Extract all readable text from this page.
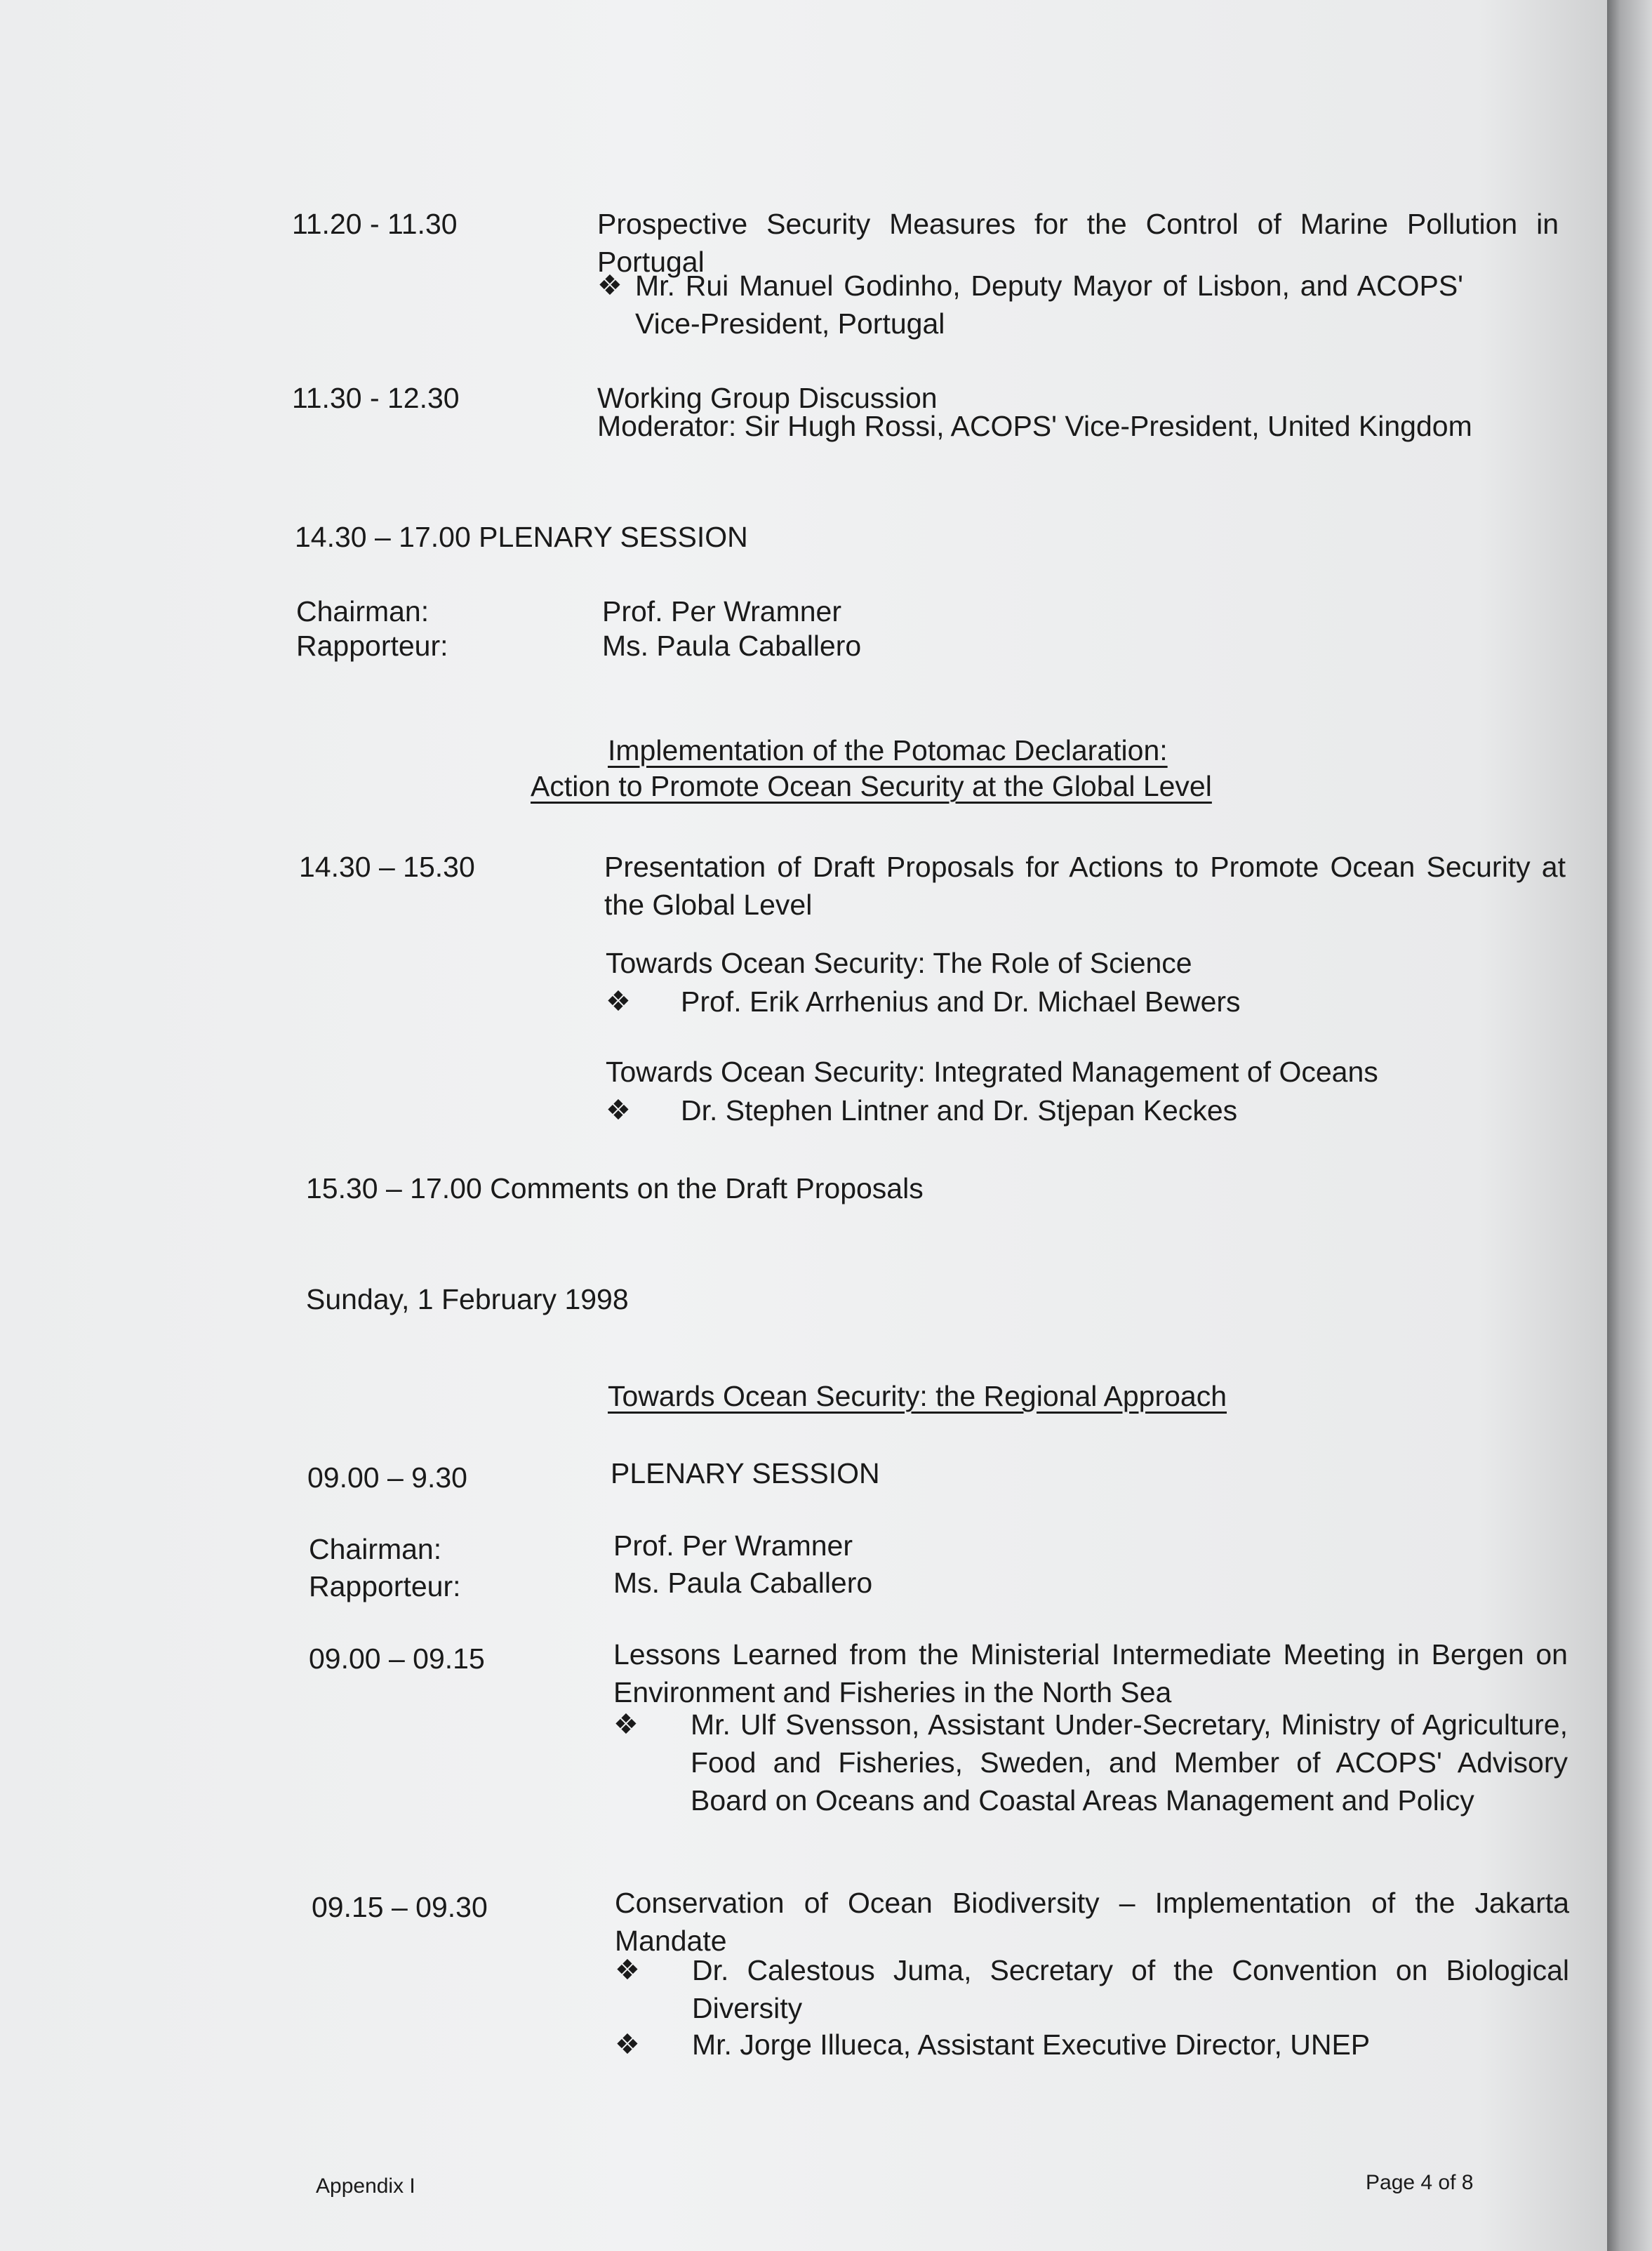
11.20 - 11.30	Prospective Security Measures for the Control of Marine Pollution in Portugal
❖ Mr. Rui Manuel Godinho, Deputy Mayor of Lisbon, and ACOPS' Vice-President, Portugal
11.30 - 12.30	Working Group Discussion
Moderator: Sir Hugh Rossi, ACOPS' Vice-President, United Kingdom
14.30 – 17.00 PLENARY SESSION
Chairman:	Prof. Per Wramner
Rapporteur:	Ms. Paula Caballero
Implementation of the Potomac Declaration:
Action to Promote Ocean Security at the Global Level
14.30 – 15.30	Presentation of Draft Proposals for Actions to Promote Ocean Security at the Global Level
Towards Ocean Security: The Role of Science
❖ Prof. Erik Arrhenius and Dr. Michael Bewers
Towards Ocean Security: Integrated Management of Oceans
❖ Dr. Stephen Lintner and Dr. Stjepan Keckes
15.30 – 17.00 Comments on the Draft Proposals
Sunday, 1 February 1998
Towards Ocean Security: the Regional Approach
09.00 – 9.30	PLENARY SESSION
Chairman:	Prof. Per Wramner
Rapporteur:	Ms. Paula Caballero
09.00 – 09.15	Lessons Learned from the Ministerial Intermediate Meeting in Bergen on Environment and Fisheries in the North Sea
❖ Mr. Ulf Svensson, Assistant Under-Secretary, Ministry of Agriculture, Food and Fisheries, Sweden, and Member of ACOPS' Advisory Board on Oceans and Coastal Areas Management and Policy
09.15 – 09.30	Conservation of Ocean Biodiversity – Implementation of the Jakarta Mandate
❖ Dr. Calestous Juma, Secretary of the Convention on Biological Diversity
❖ Mr. Jorge Illueca, Assistant Executive Director, UNEP
Appendix I	Page 4 of 8
